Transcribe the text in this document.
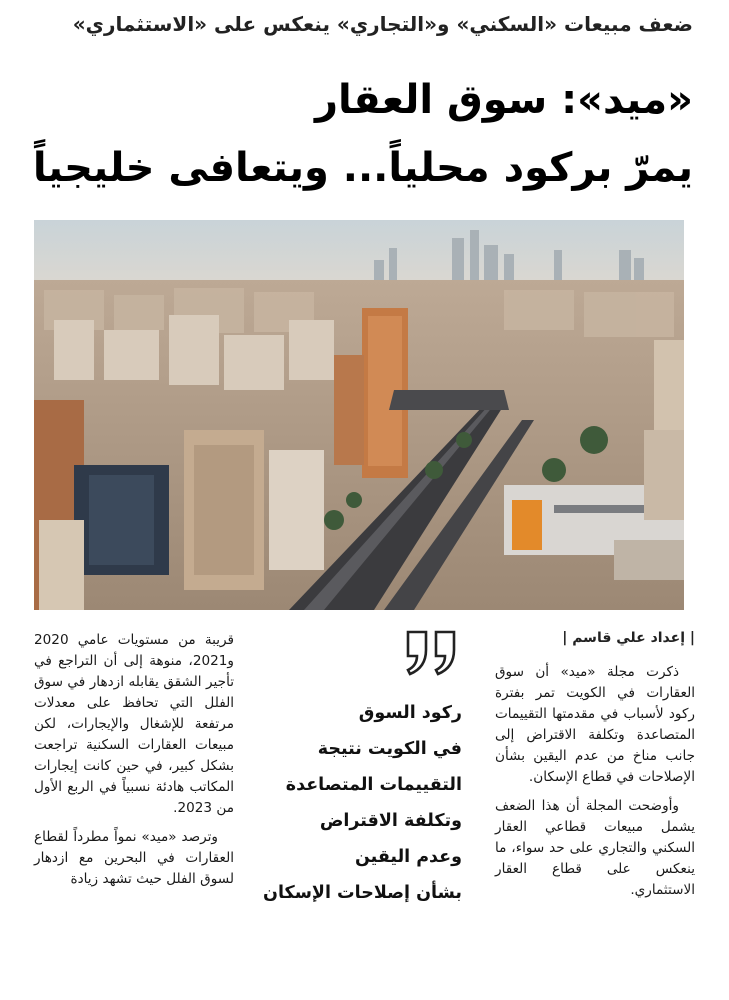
ضعف مبيعات «السكني» و«التجاري» ينعكس على «الاستثماري»
«ميد»: سوق العقار
يمرّ بركود محلياً... ويتعافى خليجياً
| إعداد علي قاسم |

ذكرت مجلة «ميد» أن سوق العقارات في الكويت تمر بفترة ركود لأسباب في مقدمتها التقييمات المتصاعدة وتكلفة الاقتراض إلى جانب مناخ من عدم اليقين بشأن الإصلاحات في قطاع الإسكان.

وأوضحت المجلة أن هذا الضعف يشمل مبيعات قطاعي العقار السكني والتجاري على حد سواء، ما ينعكس على قطاع العقار الاستثماري.

ركود السوق
في الكويت نتيجة
التقييمات المتصاعدة
وتكلفة الاقتراض
وعدم اليقين
بشأن إصلاحات الإسكان

قريبة من مستويات عامي 2020 و2021، منوهة إلى أن التراجع في تأجير الشقق يقابله ازدهار في سوق الفلل التي تحافظ على معدلات مرتفعة للإشغال والإيجارات، لكن مبيعات العقارات السكنية تراجعت بشكل كبير، في حين كانت إيجارات المكاتب هادئة نسبياً في الربع الأول من 2023.

وترصد «ميد» نمواً مطرداً لقطاع العقارات في البحرين مع ازدهار لسوق الفلل حيث تشهد زيادة
